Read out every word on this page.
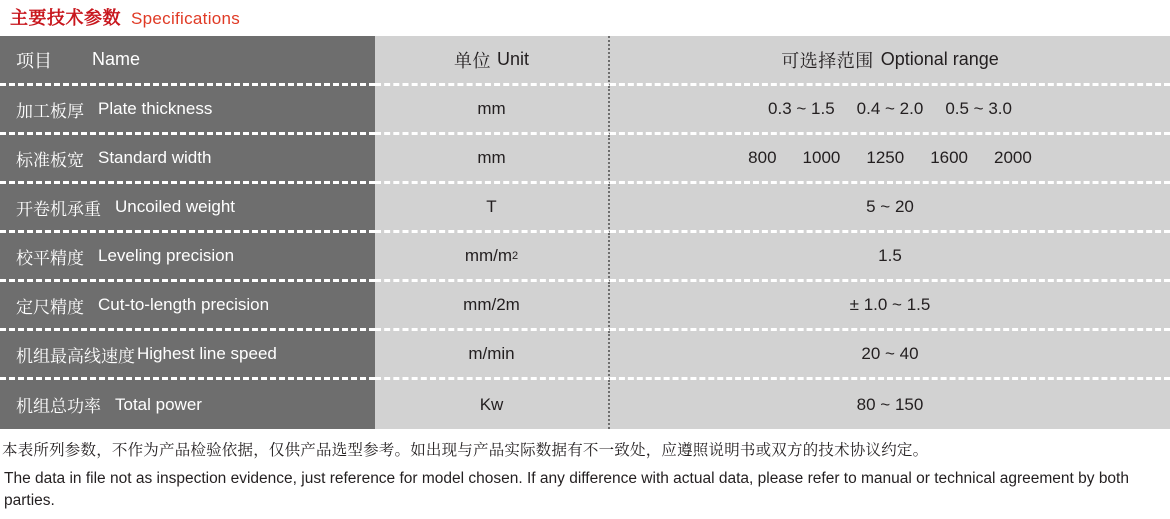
主要技术参数 Specifications
项目 Name	单位 Unit	可选择范围 Optional range

加工板厚 Plate thickness	mm	0.3 ~ 1.5 0.4 ~ 2.0 0.5 ~ 3.0

标准板宽 Standard width	mm	800 1000 1250 1600 2000

开卷机承重 Uncoiled weight	T	5 ~ 20

校平精度 Leveling precision	mm/m 2	1.5

定尺精度 Cut-to-length precision	mm/2m	± 1.0 ~ 1.5

机组最高线速度 Highest line speed	m/min	20 ~ 40

机组总功率 Total power	Kw	80 ~ 150
本表所列参数，不作为产品检验依据，仅供产品选型参考。如出现与产品实际数据有不一致处，应遵照说明书或双方的技术协议约定。
The data in file not as inspection evidence, just reference for model chosen. If any difference with actual data, please refer to manual or technical agreement by both parties.
